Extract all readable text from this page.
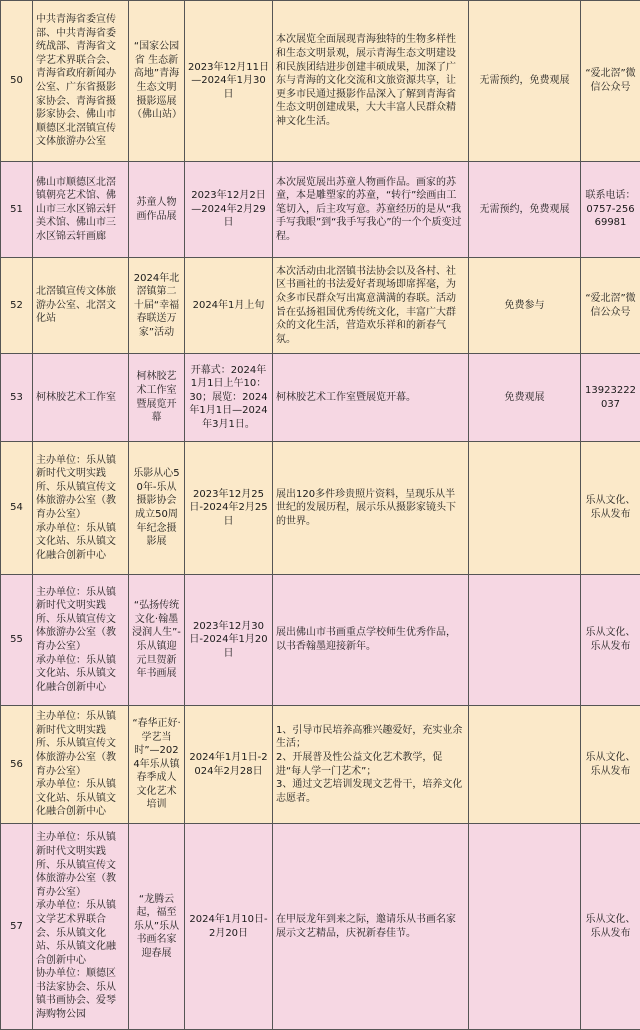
50	中共青海省委宣传部、中共青海省委统战部、青海省文学艺术界联合会、青海省政府新闻办公室、广东省摄影家协会、青海省摄影家协会、佛山市顺德区北滘镇宣传文体旅游办公室	“国家公园省 生态新高地”青海生态文明摄影巡展（佛山站）	2023年12月11日—2024年1月30日	本次展览全面展现青海独特的生物多样性和生态文明景观，展示青海生态文明建设和民族团结进步创建丰硕成果，加深了广东与青海的文化交流和文旅资源共享，让更多市民通过摄影作品深入了解到青海省生态文明创建成果，大大丰富人民群众精神文化生活。	无需预约，免费观展	“爱北滘”微信公众号
51	佛山市顺德区北滘镇朝亮艺术馆、佛山市三水区锦云轩美术馆、佛山市三水区锦云轩画廊	苏童人物画作品展	2023年12月2日—2024年2月29日	本次展览展出苏童人物画作品。画家的苏童，本是雕塑家的苏童，“转行”绘画由工笔切入，后主攻写意。苏童经历的是从“我手写我眼”到“我手写我心”的一个个质变过程。	无需预约，免费观展	联系电话：0757-25669981
52	北滘镇宣传文体旅游办公室、北滘文化站	2024年北滘镇第二十届“幸福春联送万家”活动	2024年1月上旬	本次活动由北滘镇书法协会以及各村、社区书画社的书法爱好者现场即席挥毫，为众多市民群众写出寓意满满的春联。活动旨在弘扬祖国优秀传统文化，丰富广大群众的文化生活，营造欢乐祥和的新春气氛。	免费参与	“爱北滘”微信公众号
53	柯林胶艺术工作室	柯林胶艺术工作室暨展览开幕	开幕式：2024年1月1日上午10：30；展览：2024年1月1日—2024年3月1日。	柯林胶艺术工作室暨展览开幕。	免费观展	13923222037
54	主办单位：乐从镇新时代文明实践所、乐从镇宣传文体旅游办公室（教育办公室）
承办单位：乐从镇文化站、乐从镇文化融合创新中心	乐影从心50年-乐从摄影协会成立50周年纪念摄影展	2023年12月25日-2024年2月25日	展出120多件珍贵照片资料，呈现乐从半世纪的发展历程，展示乐从摄影家镜头下的世界。		乐从文化、乐从发布
55	主办单位：乐从镇新时代文明实践所、乐从镇宣传文体旅游办公室（教育办公室）
承办单位：乐从镇文化站、乐从镇文化融合创新中心	“弘扬传统文化·翰墨浸润人生”-乐从镇迎元旦贺新年书画展	2023年12月30日-2024年1月20日	展出佛山市书画重点学校师生优秀作品，以书香翰墨迎接新年。		乐从文化、乐从发布
56	主办单位：乐从镇新时代文明实践所、乐从镇宣传文体旅游办公室（教育办公室）
承办单位：乐从镇文化站、乐从镇文化融合创新中心	“春华正好·学艺当时”—2024年乐从镇春季成人文化艺术培训	2024年1月1日-2024年2月28日	1、引导市民培养高雅兴趣爱好，充实业余生活；
2、开展普及性公益文化艺术教学，促进“每人学一门艺术”；
3、通过文艺培训发现文艺骨干，培养文化志愿者。		乐从文化、乐从发布
57	主办单位：乐从镇新时代文明实践所、乐从镇宣传文体旅游办公室（教育办公室）
承办单位：乐从镇文学艺术界联合会、乐从镇文化站、乐从镇文化融合创新中心
协办单位：顺德区书法家协会、乐从镇书画协会、爱琴海购物公园	“龙腾云起，福至乐从”乐从书画名家迎春展	2024年1月10日-2月20日	在甲辰龙年到来之际，邀请乐从书画名家展示文艺精品，庆祝新春佳节。		乐从文化、乐从发布
